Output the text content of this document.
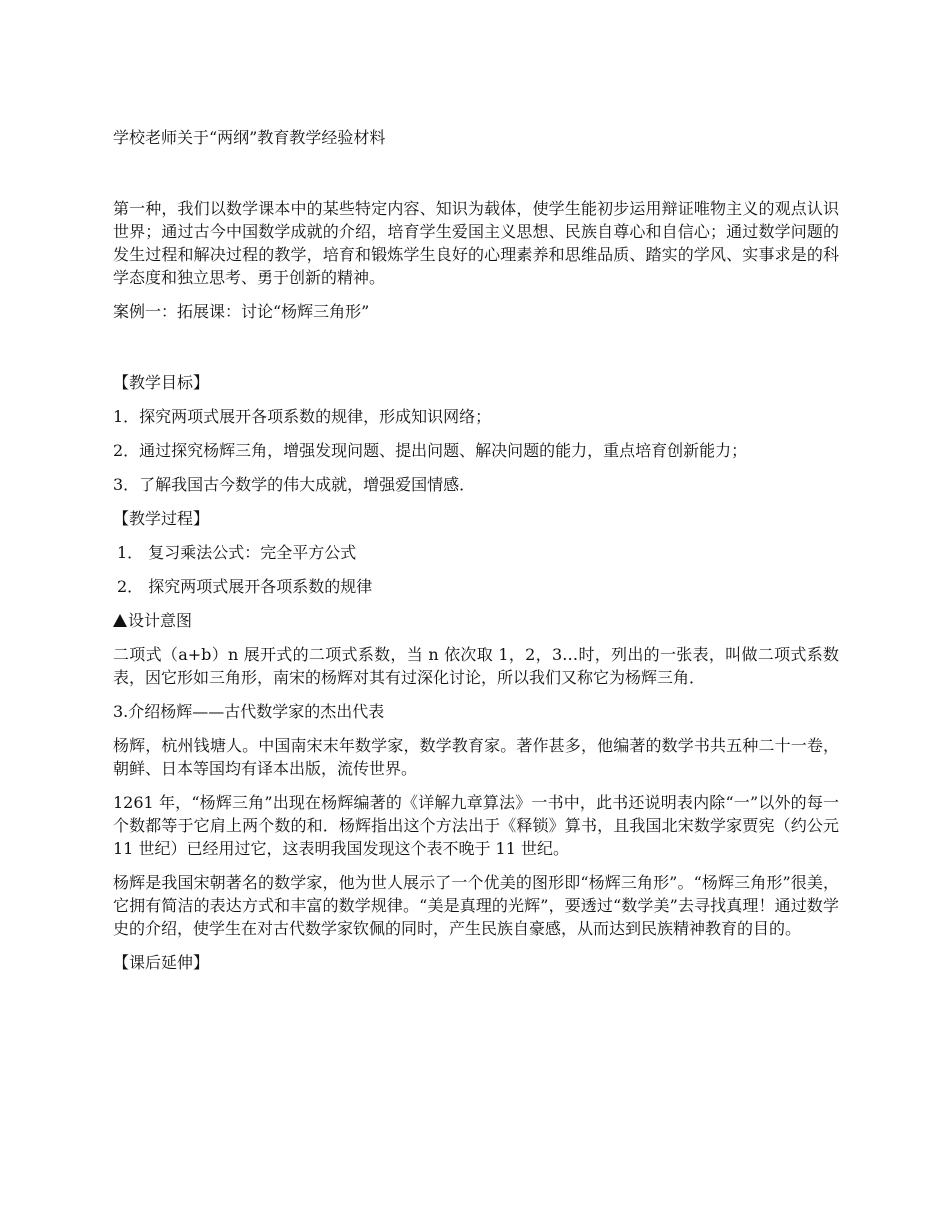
学校老师关于“两纲”教育教学经验材料

第一种，我们以数学课本中的某些特定内容、知识为载体，使学生能初步运用辩证唯物主义的观点认识世界；通过古今中国数学成就的介绍，培育学生爱国主义思想、民族自尊心和自信心；通过数学问题的发生过程和解决过程的教学，培育和锻炼学生良好的心理素养和思维品质、踏实的学风、实事求是的科学态度和独立思考、勇于创新的精神。

案例一：拓展课：讨论“杨辉三角形”

【教学目标】

1．探究两项式展开各项系数的规律，形成知识网络；

2．通过探究杨辉三角，增强发现问题、提出问题、解决问题的能力，重点培育创新能力；

3．了解我国古今数学的伟大成就，增强爱国情感．

【教学过程】

1． 复习乘法公式：完全平方公式

2． 探究两项式展开各项系数的规律

设计意图

二项式（a+b）n 展开式的二项式系数，当 n 依次取 1，2，3…时，列出的一张表，叫做二项式系数表，因它形如三角形，南宋的杨辉对其有过深化讨论，所以我们又称它为杨辉三角．

3.介绍杨辉——古代数学家的杰出代表

杨辉，杭州钱塘人。中国南宋末年数学家，数学教育家。著作甚多，他编著的数学书共五种二十一卷，朝鲜、日本等国均有译本出版，流传世界。

1261 年，“杨辉三角”出现在杨辉编著的《详解九章算法》一书中，此书还说明表内除“一”以外的每一个数都等于它肩上两个数的和．杨辉指出这个方法出于《释锁》算书，且我国北宋数学家贾宪（约公元 11 世纪）已经用过它，这表明我国发现这个表不晚于 11 世纪。

杨辉是我国宋朝著名的数学家，他为世人展示了一个优美的图形即“杨辉三角形”。“杨辉三角形”很美，它拥有简洁的表达方式和丰富的数学规律。“美是真理的光辉”，要透过“数学美”去寻找真理！通过数学史的介绍，使学生在对古代数学家钦佩的同时，产生民族自豪感，从而达到民族精神教育的目的。

【课后延伸】
